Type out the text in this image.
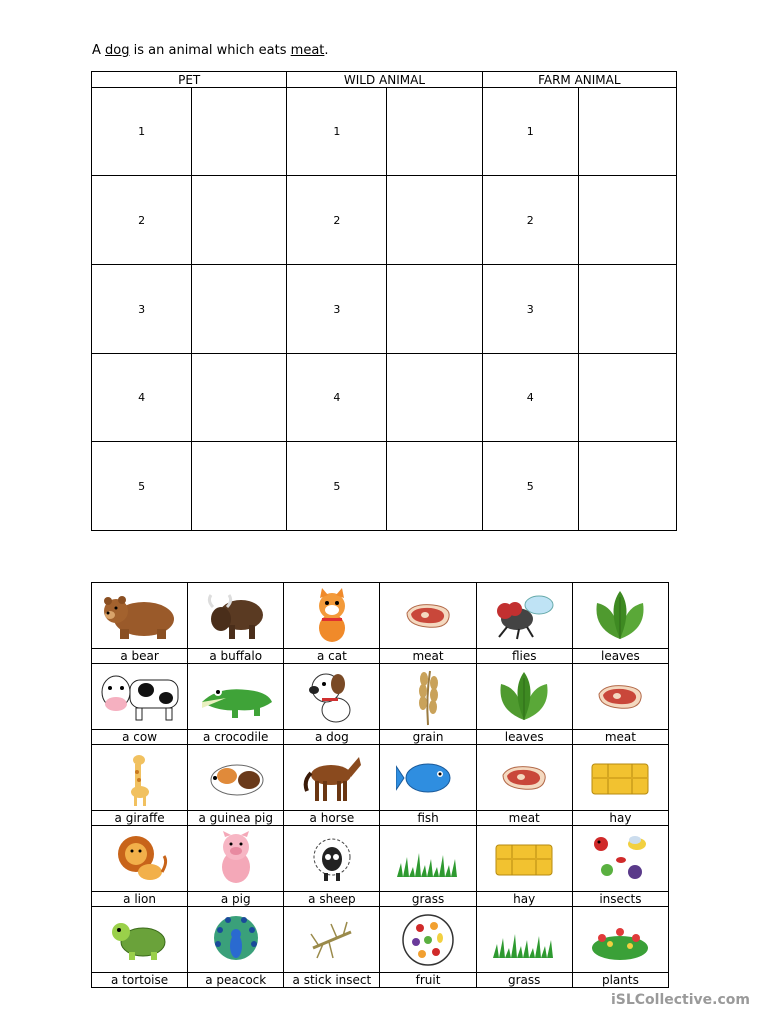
A dog is an animal which eats meat.
PET		WILD ANIMAL		FARM ANIMAL	
1		1		1	
2		2		2	
3		3		3	
4		4		4	
5		5		5	
a bear	a buffalo	a cat	meat	flies	leaves

a cow	a crocodile	a dog	grain	leaves	meat

a giraffe	a guinea pig	a horse	fish	meat	hay

a lion	a pig	a sheep	grass	hay	insects

a tortoise	a peacock	a stick insect	fruit	grass	plants
iSLCollective.com
